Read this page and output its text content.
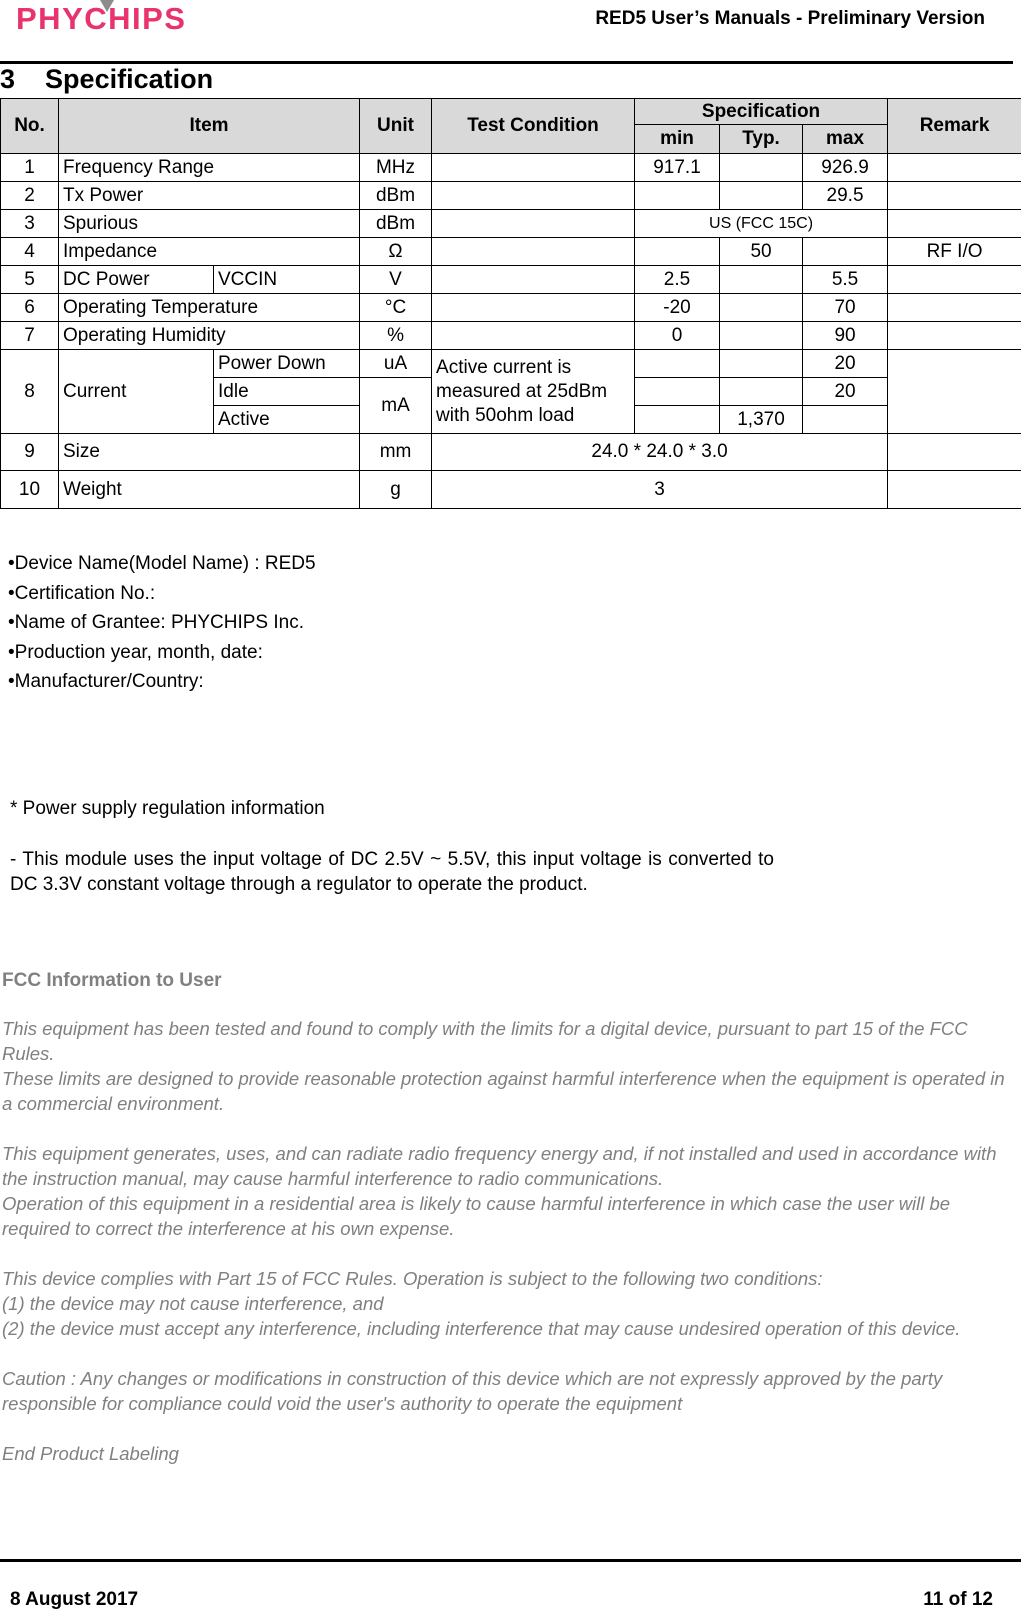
PHYCHIPS	RED5 User’s Manuals - Preliminary Version
3 Specification
No.	Item		Unit	Test Condition	Specification			Remark
					min	Typ.	max	
1	Frequency Range		MHz		917.1		926.9	
2	Tx Power		dBm				29.5	
3	Spurious		dBm		US (FCC 15C)			
4	Impedance		Ω			50		RF I/O
5	DC Power	VCCIN	V		2.5		5.5	
6	Operating Temperature		°C		-20		70	
7	Operating Humidity		%		0		90	
8	Current	Power Down	uA	Active current is measured at 25dBm with 50ohm load			20	
		Idle	mA				20	
		Active				1,370		
9	Size		mm	24.0 * 24.0 * 3.0				
10	Weight		g	3				
•Device Name(Model Name) : RED5
•Certification No.:
•Name of Grantee: PHYCHIPS Inc.
•Production year, month, date:
•Manufacturer/Country:
* Power supply regulation information
- This module uses the input voltage of DC 2.5V ~ 5.5V, this input voltage is converted to DC 3.3V constant voltage through a regulator to operate the product.
FCC Information to User

This equipment has been tested and found to comply with the limits for a digital device, pursuant to part 15 of the FCC Rules.
These limits are designed to provide reasonable protection against harmful interference when the equipment is operated in a commercial environment.

This equipment generates, uses, and can radiate radio frequency energy and, if not installed and used in accordance with the instruction manual, may cause harmful interference to radio communications.
Operation of this equipment in a residential area is likely to cause harmful interference in which case the user will be required to correct the interference at his own expense.

This device complies with Part 15 of FCC Rules. Operation is subject to the following two conditions:
(1) the device may not cause interference, and
(2) the device must accept any interference, including interference that may cause undesired operation of this device.

Caution : Any changes or modifications in construction of this device which are not expressly approved by the party responsible for compliance could void the user's authority to operate the equipment

End Product Labeling

8 August 2017	11 of 12
